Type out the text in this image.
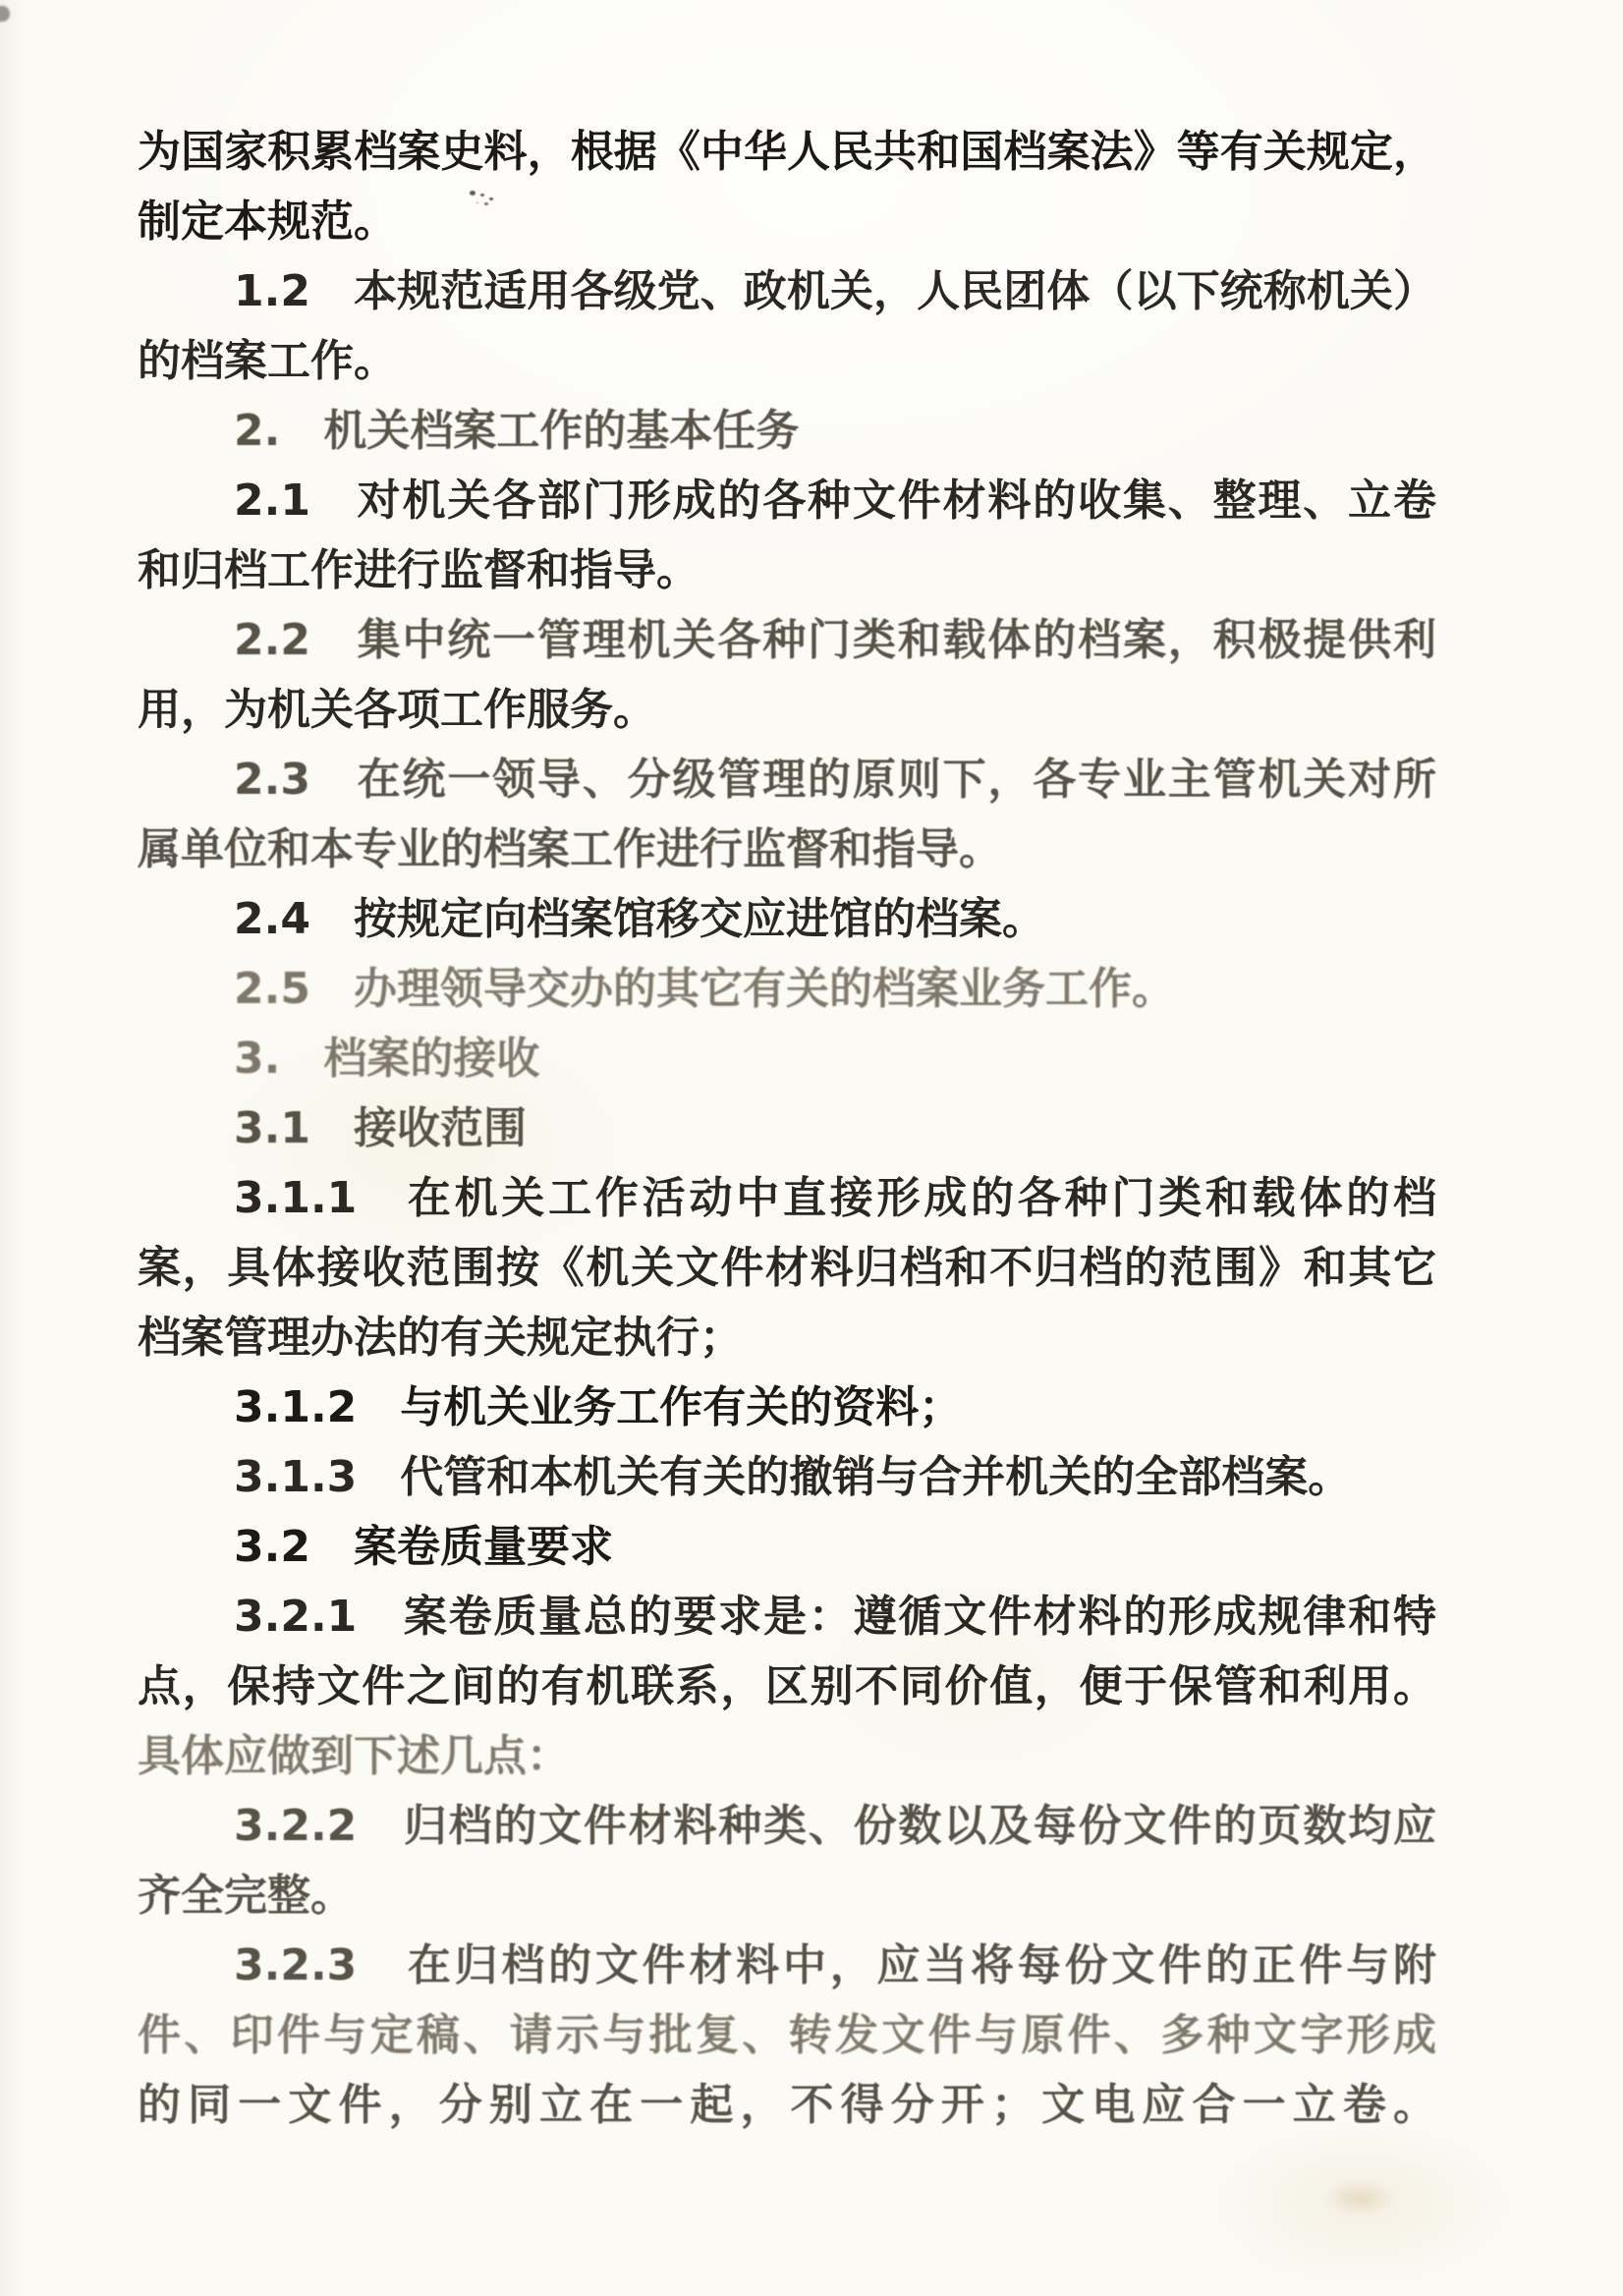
为国家积累档案史料，根据《中华人民共和国档案法》等有关规定，
制定本规范。
1.2　本规范适用各级党、政机关，人民团体（以下统称机关）
的档案工作。
2.　机关档案工作的基本任务
2.1　对机关各部门形成的各种文件材料的收集、整理、立卷
和归档工作进行监督和指导。
2.2　集中统一管理机关各种门类和载体的档案，积极提供利
用，为机关各项工作服务。
2.3　在统一领导、分级管理的原则下，各专业主管机关对所
属单位和本专业的档案工作进行监督和指导。
2.4　按规定向档案馆移交应进馆的档案。
2.5　办理领导交办的其它有关的档案业务工作。
3.　档案的接收
3.1　接收范围
3.1.1　在机关工作活动中直接形成的各种门类和载体的档
案，具体接收范围按《机关文件材料归档和不归档的范围》和其它
档案管理办法的有关规定执行；
3.1.2　与机关业务工作有关的资料；
3.1.3　代管和本机关有关的撤销与合并机关的全部档案。
3.2　案卷质量要求
3.2.1　案卷质量总的要求是：遵循文件材料的形成规律和特
点，保持文件之间的有机联系，区别不同价值，便于保管和利用。
具体应做到下述几点：
3.2.2　归档的文件材料种类、份数以及每份文件的页数均应
齐全完整。
3.2.3　在归档的文件材料中，应当将每份文件的正件与附
件、印件与定稿、请示与批复、转发文件与原件、多种文字形成
的同一文件，分别立在一起，不得分开；文电应合一立卷。
